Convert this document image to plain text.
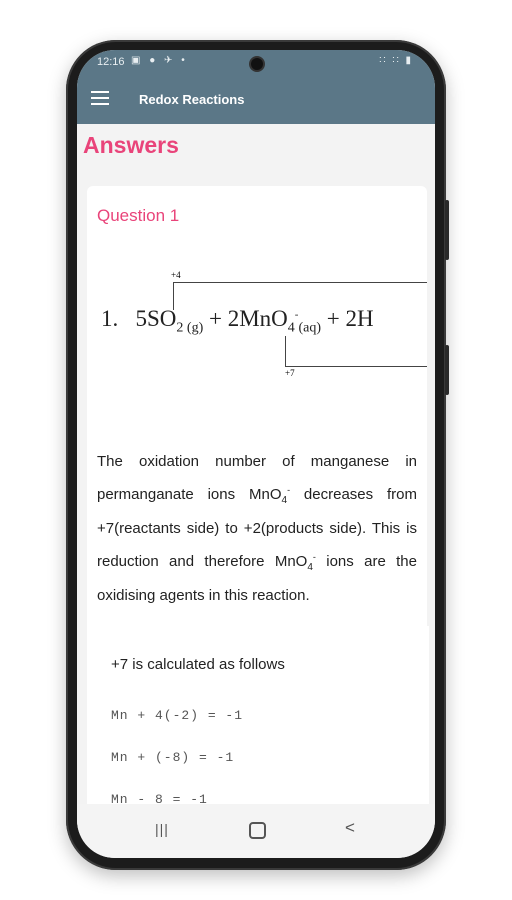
12:16 ▣ ● ✈ •	∷ ∷ ▮
Redox Reactions
Answers
Question 1
+4
1. $5SO_{2 (g)} + 2MnO_4^-_{(aq)} + 2H$
+7
The oxidation number of manganese in permanganate ions MnO$_4$- decreases from +7(reactants side) to +2(products side). This is reduction and therefore MnO$_4$- ions are the oxidising agents in this reaction.
+7 is calculated as follows
Mn + 4(-2) = -1
Mn + (-8) = -1
Mn - 8 = -1
|||	<
